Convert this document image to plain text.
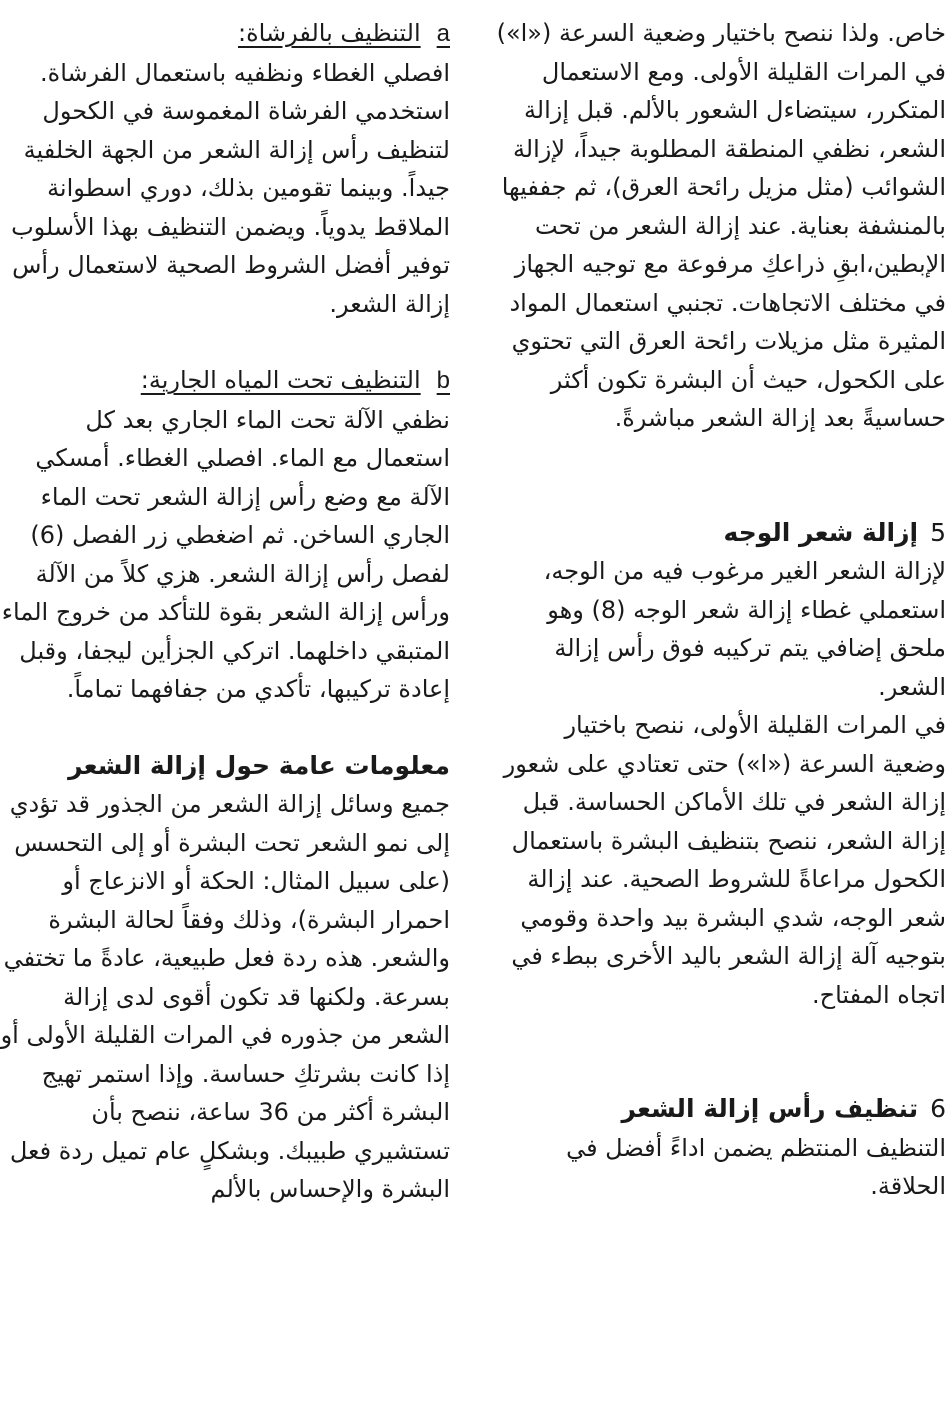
خاص. ولذا ننصح باختيار وضعية السرعة («ا») في المرات القليلة الأولى. ومع الاستعمال المتكرر، سيتضاءل الشعور بالألم. قبل إزالة الشعر، نظفي المنطقة المطلوبة جيداً، لإزالة الشوائب (مثل مزيل رائحة العرق)، ثم جففيها بالمنشفة بعناية. عند إزالة الشعر من تحت الإبطين،ابقِ ذراعكِ مرفوعة مع توجيه الجهاز في مختلف الاتجاهات. تجنبي استعمال المواد المثيرة مثل مزيلات رائحة العرق التي تحتوي على الكحول، حيث أن البشرة تكون أكثر حساسيةً بعد إزالة الشعر مباشرةً.

5إزالة شعر الوجه

لإزالة الشعر الغير مرغوب فيه من الوجه، استعملي غطاء إزالة شعر الوجه (8) وهو ملحق إضافي يتم تركيبه فوق رأس إزالة الشعر.

في المرات القليلة الأولى، ننصح باختيار وضعية السرعة («ا») حتى تعتادي على شعور إزالة الشعر في تلك الأماكن الحساسة. قبل إزالة الشعر، ننصح بتنظيف البشرة باستعمال الكحول مراعاةً للشروط الصحية. عند إزالة شعر الوجه، شدي البشرة بيد واحدة وقومي بتوجيه آلة إزالة الشعر باليد الأخرى ببطء في اتجاه المفتاح.

6تنظيف رأس إزالة الشعر

التنظيف المنتظم يضمن اداءً أفضل في الحلاقة.

aالتنظيف بالفرشاة:

افصلي الغطاء ونظفيه باستعمال الفرشاة. استخدمي الفرشاة المغموسة في الكحول لتنظيف رأس إزالة الشعر من الجهة الخلفية جيداً. وبينما تقومين بذلك، دوري اسطوانة الملاقط يدوياً. ويضمن التنظيف بهذا الأسلوب توفير أفضل الشروط الصحية لاستعمال رأس إزالة الشعر.

bالتنظيف تحت المياه الجارية:

نظفي الآلة تحت الماء الجاري بعد كل استعمال مع الماء. افصلي الغطاء. أمسكي الآلة مع وضع رأس إزالة الشعر تحت الماء الجاري الساخن. ثم اضغطي زر الفصل (6) لفصل رأس إزالة الشعر. هزي كلاً من الآلة ورأس إزالة الشعر بقوة للتأكد من خروج الماء المتبقي داخلهما. اتركي الجزأين ليجفا، وقبل إعادة تركيبها، تأكدي من جفافهما تماماً.

معلومات عامة حول إزالة الشعر

جميع وسائل إزالة الشعر من الجذور قد تؤدي إلى نمو الشعر تحت البشرة أو إلى التحسس (على سبيل المثال: الحكة أو الانزعاج أو احمرار البشرة)، وذلك وفقاً لحالة البشرة والشعر. هذه ردة فعل طبيعية، عادةً ما تختفي بسرعة. ولكنها قد تكون أقوى لدى إزالة الشعر من جذوره في المرات القليلة الأولى أو إذا كانت بشرتكِ حساسة. وإذا استمر تهيج البشرة أكثر من 36 ساعة، ننصح بأن تستشيري طبيبك. وبشكلٍ عام تميل ردة فعل البشرة والإحساس بالألم
